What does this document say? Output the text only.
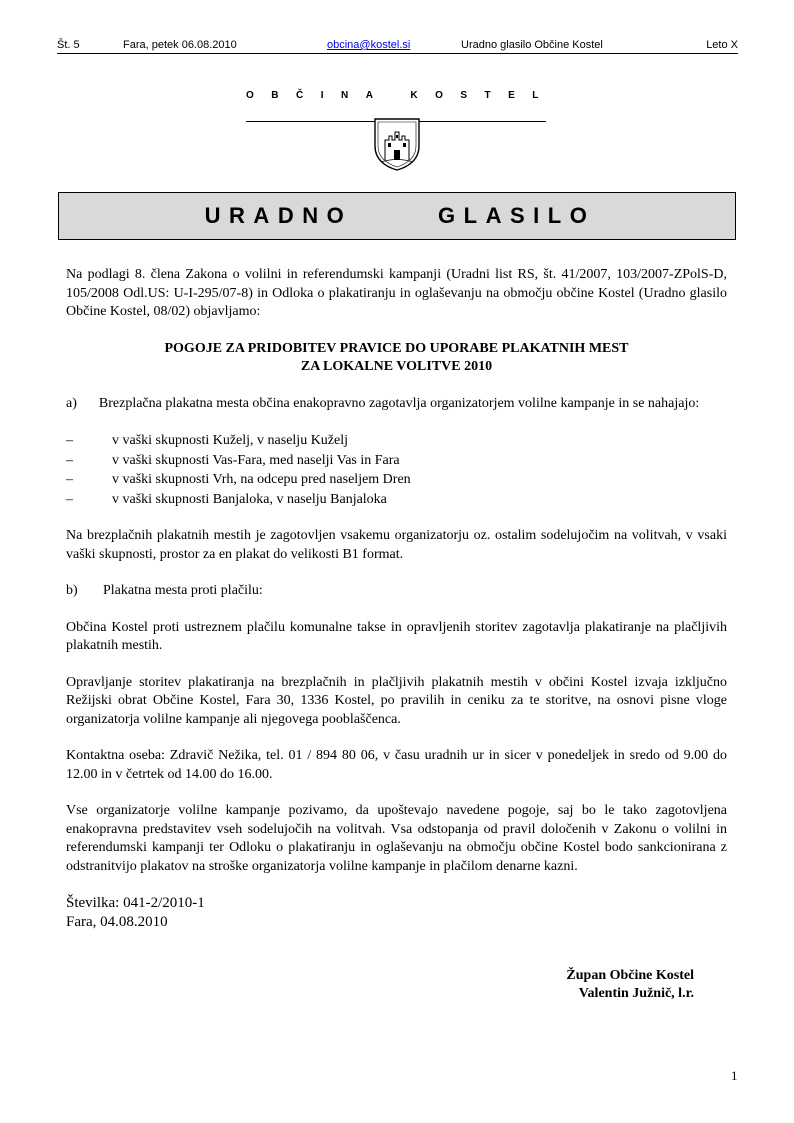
Št. 5	Fara, petek 06.08.2010	obcina@kostel.si	Uradno glasilo Občine Kostel	Leto X
OBČINA KOSTEL
URADNO   GLASILO

Na podlagi 8. člena Zakona o volilni in referendumski kampanji (Uradni list RS, št. 41/2007, 103/2007-ZPolS-D, 105/2008 Odl.US: U-I-295/07-8) in Odloka o plakatiranju in oglaševanju na območju občine Kostel (Uradno glasilo Občine Kostel, 08/02) objavljamo:

POGOJE ZA PRIDOBITEV PRAVICE DO UPORABE PLAKATNIH MEST

ZA LOKALNE VOLITVE 2010

a) Brezplačna plakatna mesta občina enakopravno zagotavlja organizatorjem volilne kampanje in se nahajajo:

–	v vaški skupnosti Kuželj, v naselju Kuželj
–	v vaški skupnosti Vas-Fara, med naselji Vas in Fara
–	v vaški skupnosti Vrh, na odcepu pred naseljem Dren
–	v vaški skupnosti Banjaloka, v naselju Banjaloka

Na brezplačnih plakatnih mestih je zagotovljen vsakemu organizatorju oz. ostalim sodelujočim na volitvah, v vsaki vaški skupnosti, prostor za en plakat do velikosti B1 format.

b)	Plakatna mesta proti plačilu:

Občina Kostel proti ustreznem plačilu komunalne takse in opravljenih storitev zagotavlja plakatiranje na plačljivih plakatnih mestih.

Opravljanje storitev plakatiranja na brezplačnih in plačljivih plakatnih mestih v občini Kostel izvaja izključno Režijski obrat Občine Kostel, Fara 30, 1336 Kostel, po pravilih in ceniku za te storitve, na osnovi pisne vloge organizatorja volilne kampanje ali njegovega pooblaščenca.

Kontaktna oseba: Zdravič Nežika, tel. 01 / 894 80 06, v času uradnih ur in sicer v ponedeljek in sredo od 9.00 do 12.00 in v četrtek od 14.00 do 16.00.

Vse organizatorje volilne kampanje pozivamo, da upoštevajo navedene pogoje, saj bo le tako zagotovljena enakopravna predstavitev vseh sodelujočih na volitvah. Vsa odstopanja od pravil določenih v Zakonu o volilni in referendumski kampanji ter Odloku o plakatiranju in oglaševanju na območju občine Kostel bodo sankcionirana z odstranitvijo plakatov na stroške organizatorja volilne kampanje in plačilom denarne kazni.

Številka: 041-2/2010-1

Fara, 04.08.2010

Župan Občine Kostel
Valentin Južnič, l.r.
1
